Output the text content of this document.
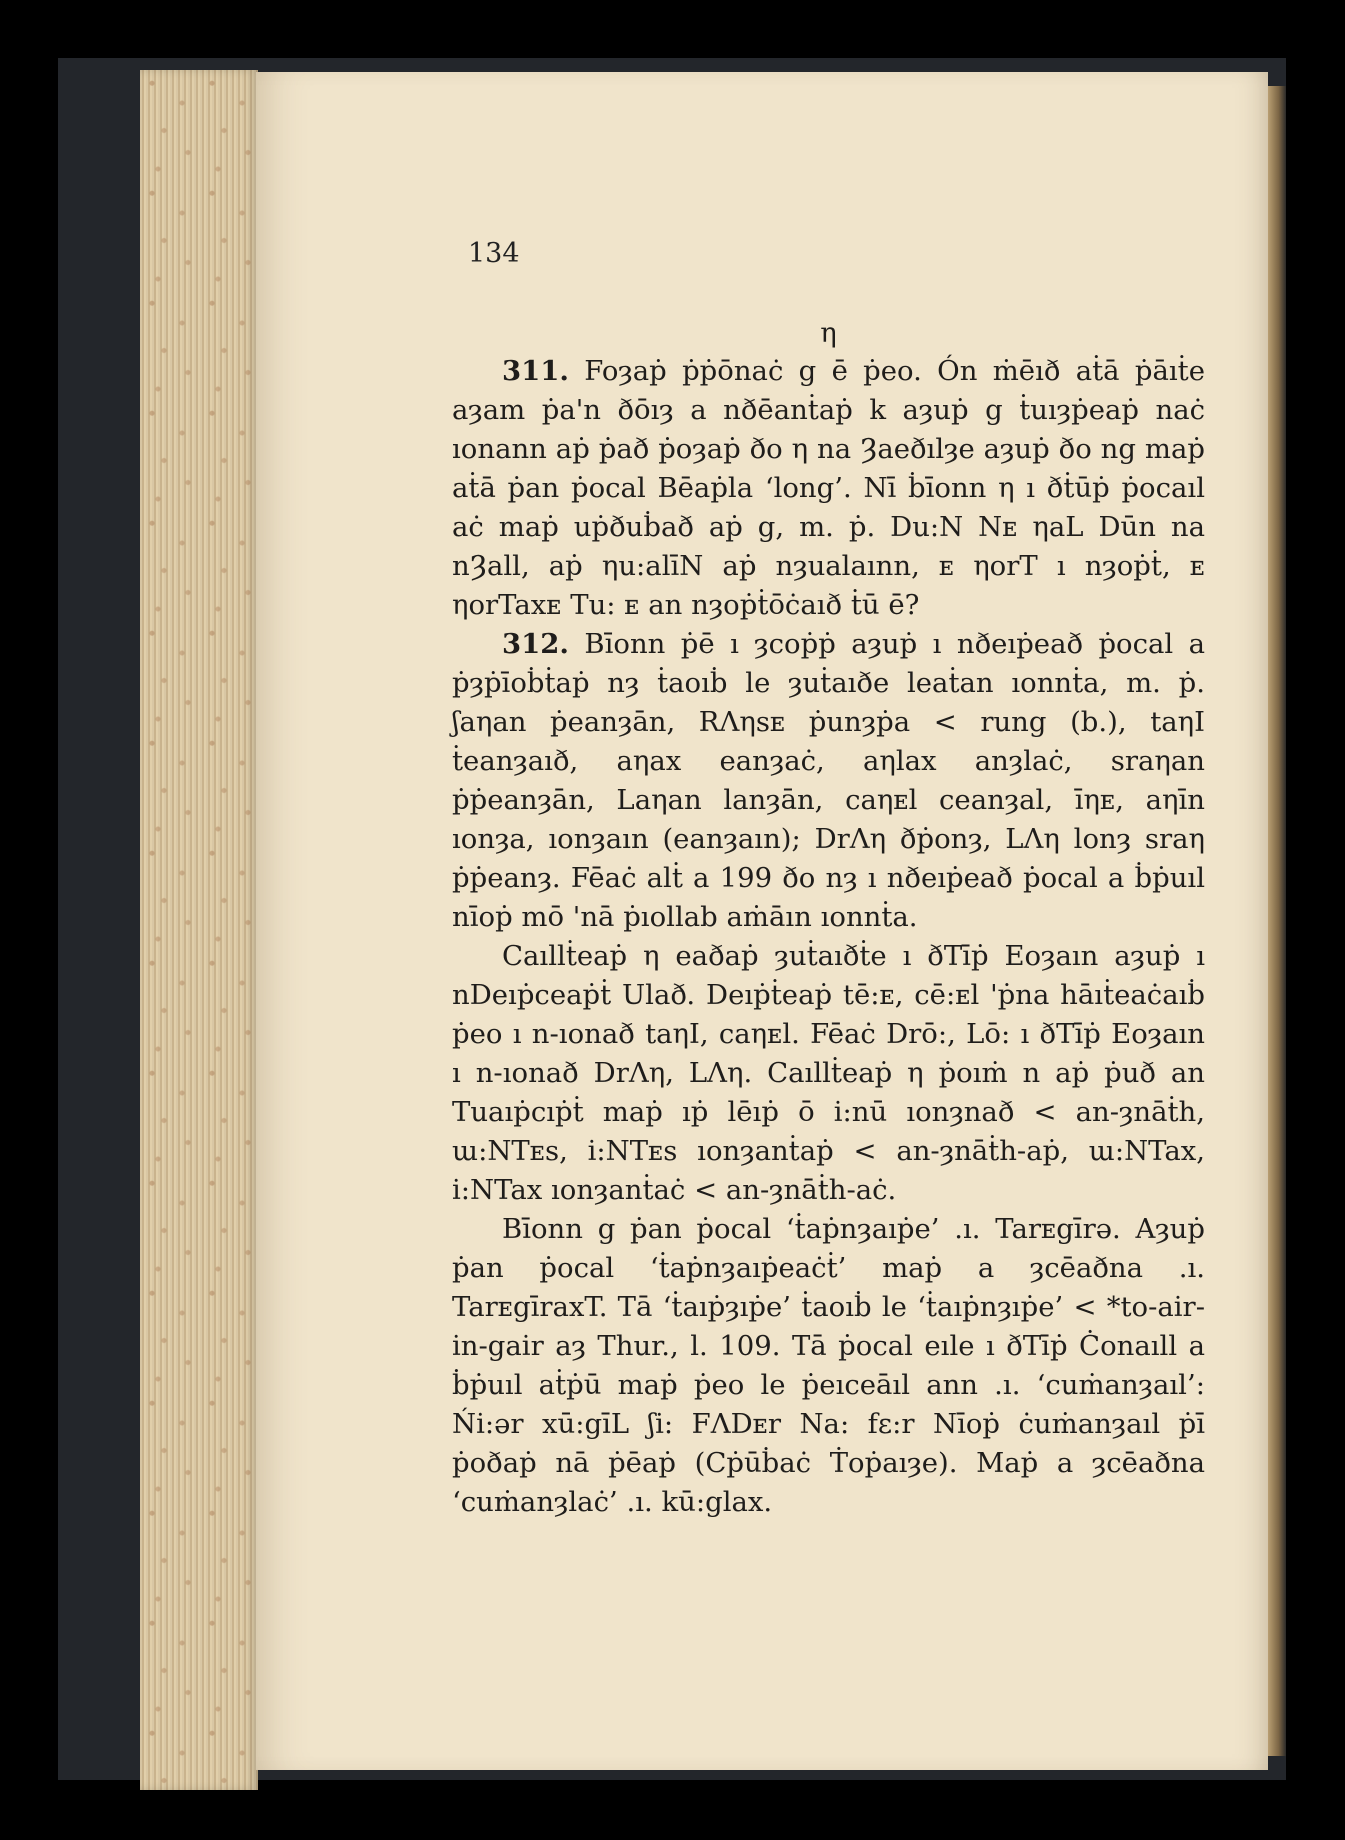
134
η

311. Foȝaṗ ṗṗōnaċ g ē ṗeo. Ón ṁēıð aṫā ṗāıṫe aȝam ṗa'n ðōıȝ a nðēanṫaṗ k aȝuṗ g ṫuıȝṗeaṗ naċ ıonann aṗ ṗað ṗoȝaṗ ðo η na Ȝaeðılȝe aȝuṗ ðo ng maṗ aṫā ṗan ṗocal Bēaṗla ‘long’. Nī ḃīonn η ı ðṫūṗ ṗocaıl aċ maṗ uṗðuḃað aṗ g, m. ṗ. Du:N Nᴇ ηaL Dūn na nȜall, aṗ ηu:alīN aṗ nȝualaınn, ᴇ ηorT ı nȝoṗṫ, ᴇ ηorTaxᴇ Tu: ᴇ an nȝoṗṫōċaıð ṫū ē?

312. Bīonn ṗē ı ȝcoṗṗ aȝuṗ ı nðeıṗeað ṗocal a ṗȝṗīoḃṫaṗ nȝ ṫaoıḃ le ȝuṫaıðe leaṫan ıonnṫa, m. ṗ. ʃaηan ṗeanȝān, RΛηsᴇ ṗunȝṗa < rung (b.), taηI ṫeanȝaıð, aηax eanȝaċ, aηlax anȝlaċ, sraηan ṗṗeanȝān, Laηan lanȝān, caηᴇl ceanȝal, īηᴇ, aηīn ıonȝa, ıonȝaın (eanȝaın); DrΛη ðṗonȝ, LΛη lonȝ sraη ṗṗeanȝ. Fēaċ alṫ a 199 ðo nȝ ı nðeıṗeað ṗocal a ḃṗuıl nīoṗ mō 'nā ṗıollab aṁāın ıonnṫa.

Caıllṫeaṗ η eaðaṗ ȝuṫaıðṫe ı ðTīṗ Eoȝaın aȝuṗ ı nDeıṗceaṗṫ Ulað. Deıṗṫeaṗ tē:ᴇ, cē:ᴇl 'ṗna hāıṫeaċaıḃ ṗeo ı n-ıonað taηI, caηᴇl. Fēaċ Drō:, Lō: ı ðTīṗ Eoȝaın ı n-ıonað DrΛη, LΛη. Caıllṫeaṗ η ṗoıṁ n aṗ ṗuð an Tuaıṗcıṗṫ maṗ ıṗ lēıṗ ō i:nū ıonȝnað < an-ȝnāṫh, ɯ:NTᴇs, i:NTᴇs ıonȝanṫaṗ < an-ȝnāṫh-aṗ, ɯ:NTax, i:NTax ıonȝanṫaċ < an-ȝnāṫh-aċ.

Bīonn g ṗan ṗocal ‘ṫaṗnȝaıṗe’ .ı. Tarᴇgīrə. Aȝuṗ ṗan ṗocal ‘ṫaṗnȝaıṗeaċṫ’ maṗ a ȝcēaðna .ı. TarᴇgīraxT. Tā ‘ṫaıṗȝıṗe’ ṫaoıḃ le ‘ṫaıṗnȝıṗe’ < *to-air-in-gair aȝ Thur., l. 109. Tā ṗocal eıle ı ðTīṗ Ċonaıll a ḃṗuıl aṫṗū maṗ ṗeo le ṗeıceāıl ann .ı. ‘cuṁanȝaıl’: Ńi:ər xū:gīL ʃi: FΛDᴇr Na: fɛ:r Nīoṗ ċuṁanȝaıl ṗī ṗoðaṗ nā ṗēaṗ (Cṗūḃaċ Ṫoṗaıȝe). Maṗ a ȝcēaðna ‘cuṁanȝlaċ’ .ı. kū:glax.
